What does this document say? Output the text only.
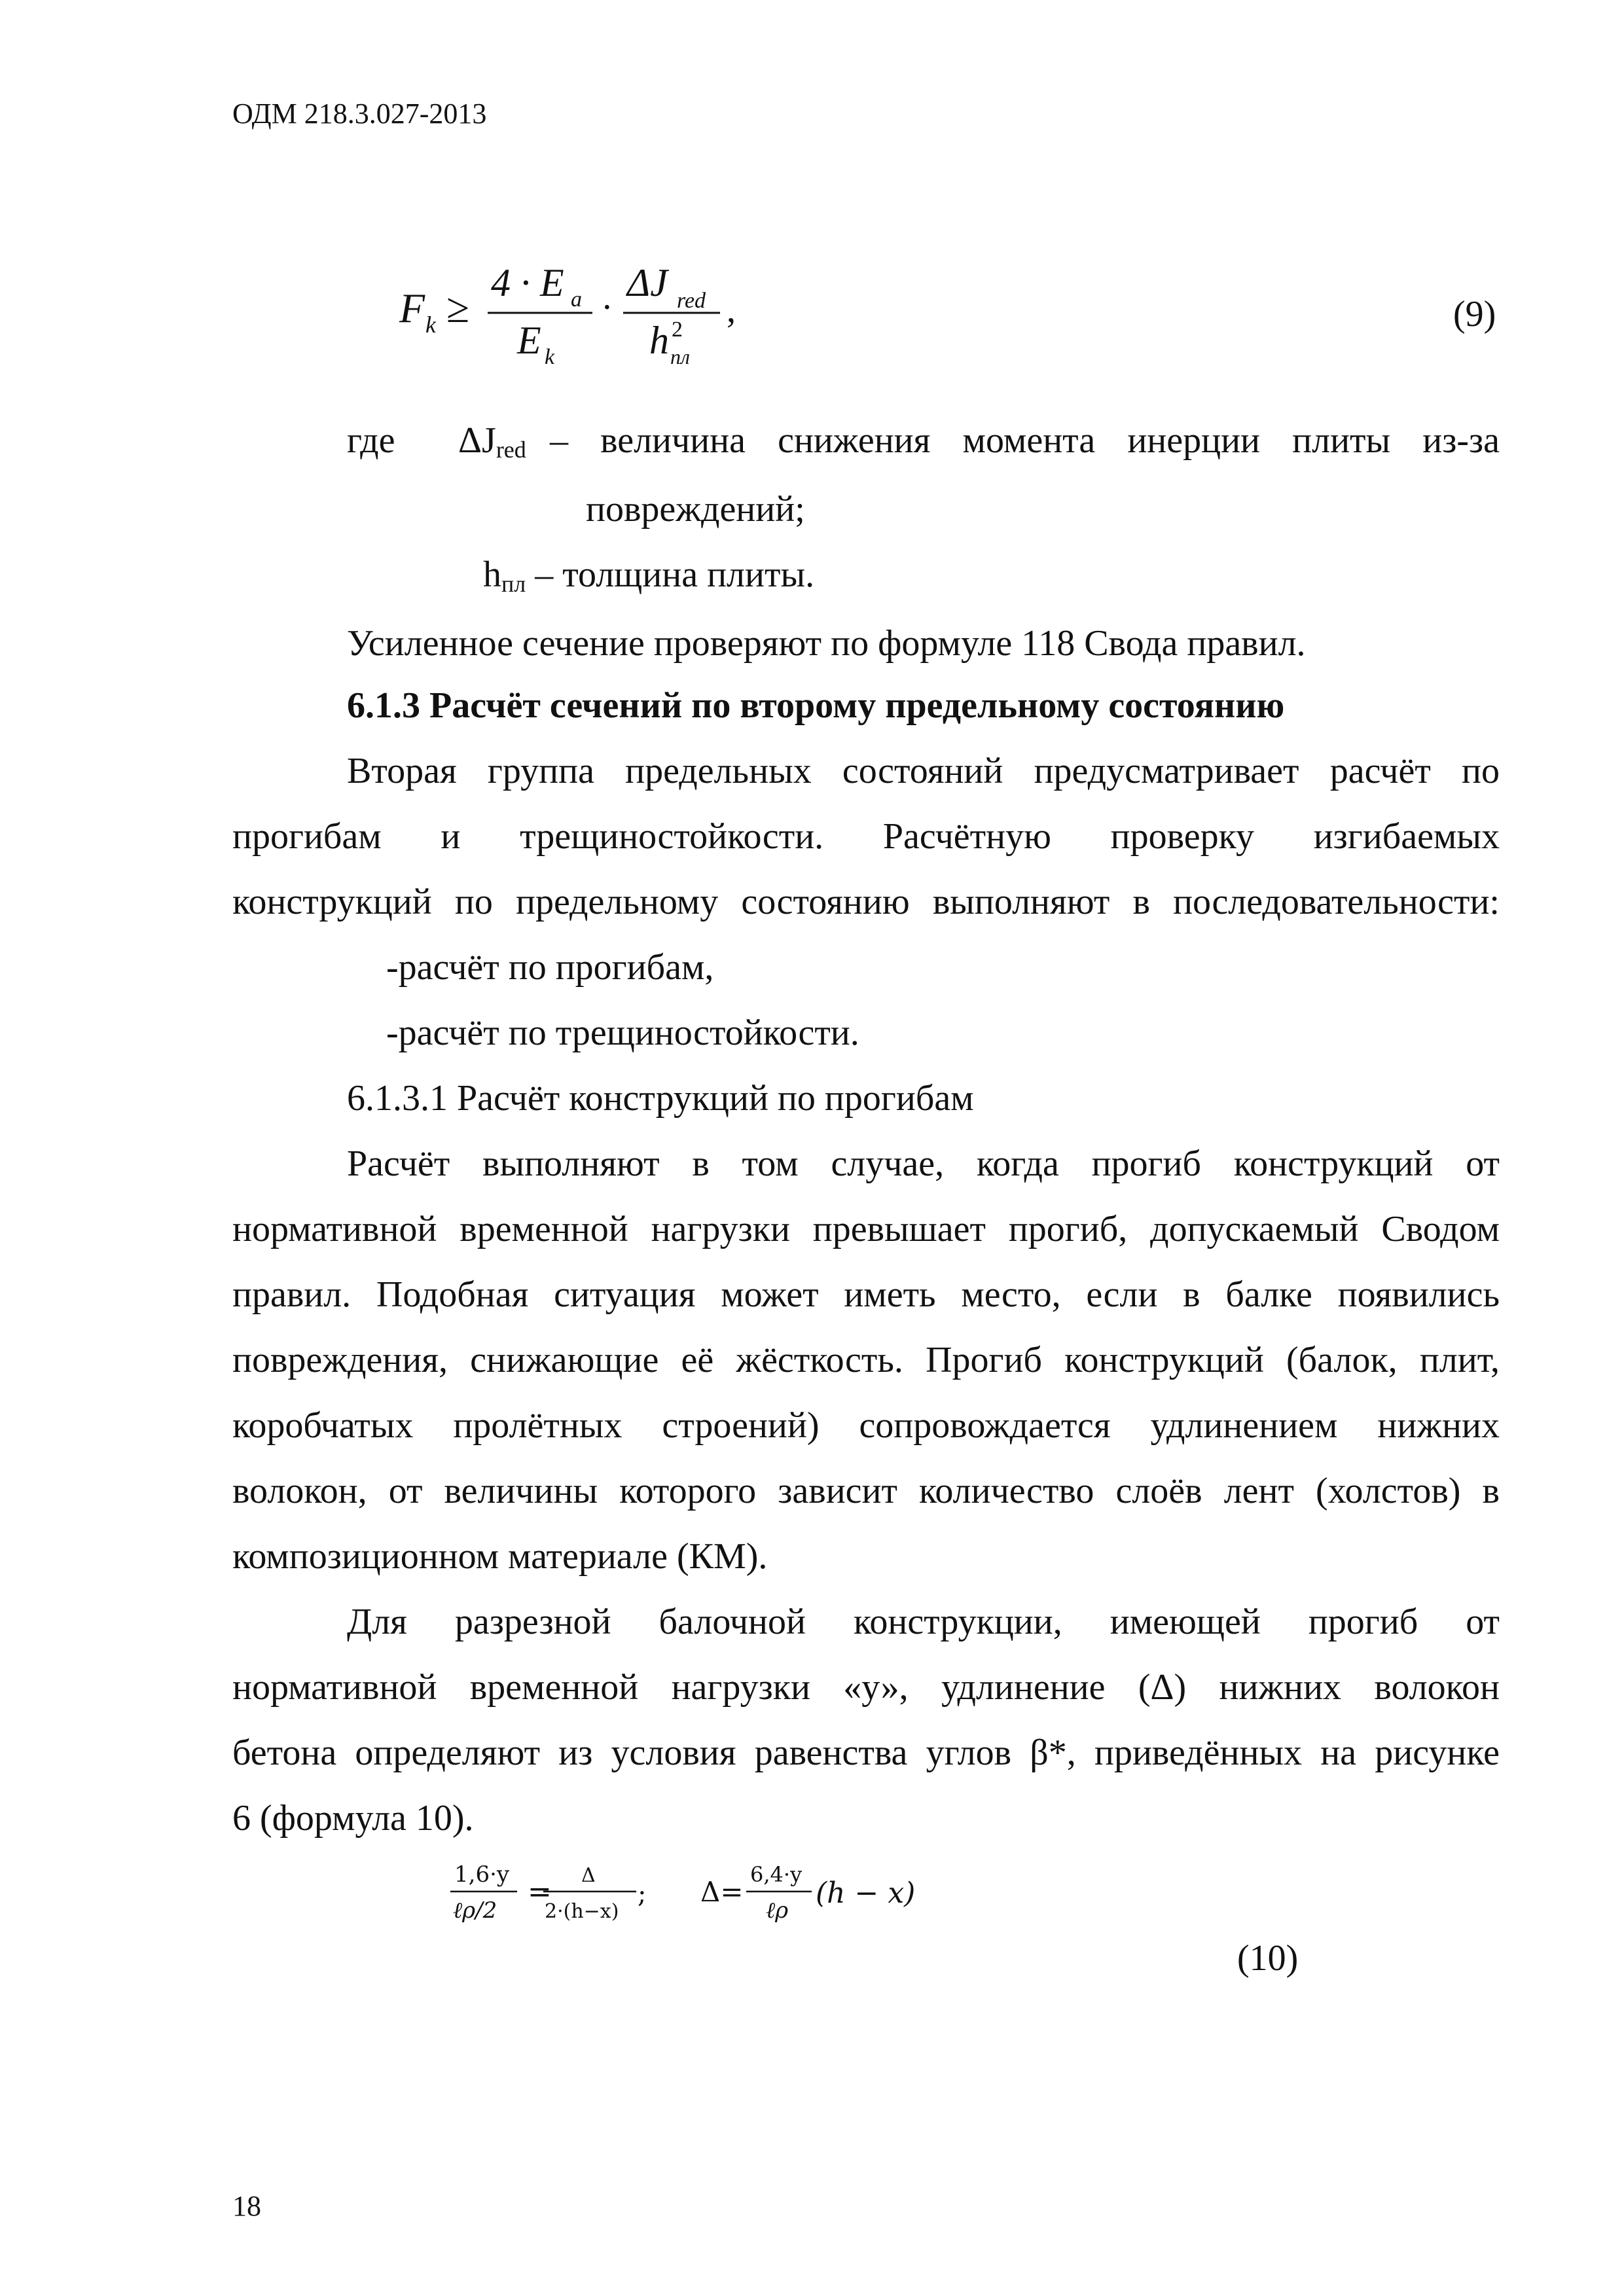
ОДМ 218.3.027-2013
F k ≥
4 · E a
E k
·
ΔJ red
h 2
пл
,	(9)
где $\Delta J_{red}$ – величина снижения момента инерции плиты из-за
повреждений;
$h_{пл}$ – толщина плиты.
Усиленное сечение проверяют по формуле 118 Свода правил.
6.1.3 Расчёт сечений по второму предельному состоянию
Вторая группа предельных состояний предусматривает расчёт по
прогибам и трещиностойкости. Расчётную проверку изгибаемых
конструкций по предельному состоянию выполняют в последовательности:
-расчёт по прогибам,
-расчёт по трещиностойкости.
6.1.3.1 Расчёт конструкций по прогибам
Расчёт выполняют в том случае, когда прогиб конструкций от
нормативной временной нагрузки превышает прогиб, допускаемый Сводом
правил. Подобная ситуация может иметь место, если в балке появились
повреждения, снижающие её жёсткость. Прогиб конструкций (балок, плит,
коробчатых пролётных строений) сопровождается удлинением нижних
волокон, от величины которого зависит количество слоёв лент (холстов) в
композиционном материале (КМ).
Для разрезной балочной конструкции, имеющей прогиб от
нормативной временной нагрузки «у», удлинение (Δ) нижних волокон
бетона определяют из условия равенства углов β*, приведённых на рисунке
6 (формула 10).
1,6·y
ℓρ/2
= Δ
2·(h−x)
; Δ=
6,4·y
ℓρ
(h − x)
(10)
18
